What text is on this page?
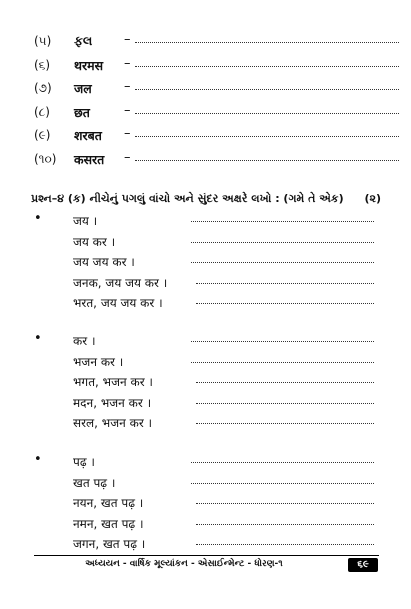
(૫) ફલ –
(૬) थरमस –
(૭) जल –
(૮) छत	–
(૯) शरबत –
(૧૦) कसरत –
પ્રશ્ન–૪ (ક) નીચેનું પગલું વાંચો અને સુંદર અક્ષરે લખો : (ગમે તે એક) (૨)
•	जय ।
जय कर ।
जय जय कर ।
जनक, जय जय कर ।
भरत, जय जय कर ।
•	कर ।
भजन कर ।
भगत, भजन कर ।
मदन, भजन कर ।
सरल, भजन कर ।
•	पढ़ ।
खत पढ़ ।
नयन, खत पढ़ ।
नमन, खत पढ़ ।
जगन, खत पढ़ ।
અધ્યયન - વાર્ષિક મૂલ્યાંકન - એસાઈન્મેન્ટ - ધોરણ-૧	૬૯
